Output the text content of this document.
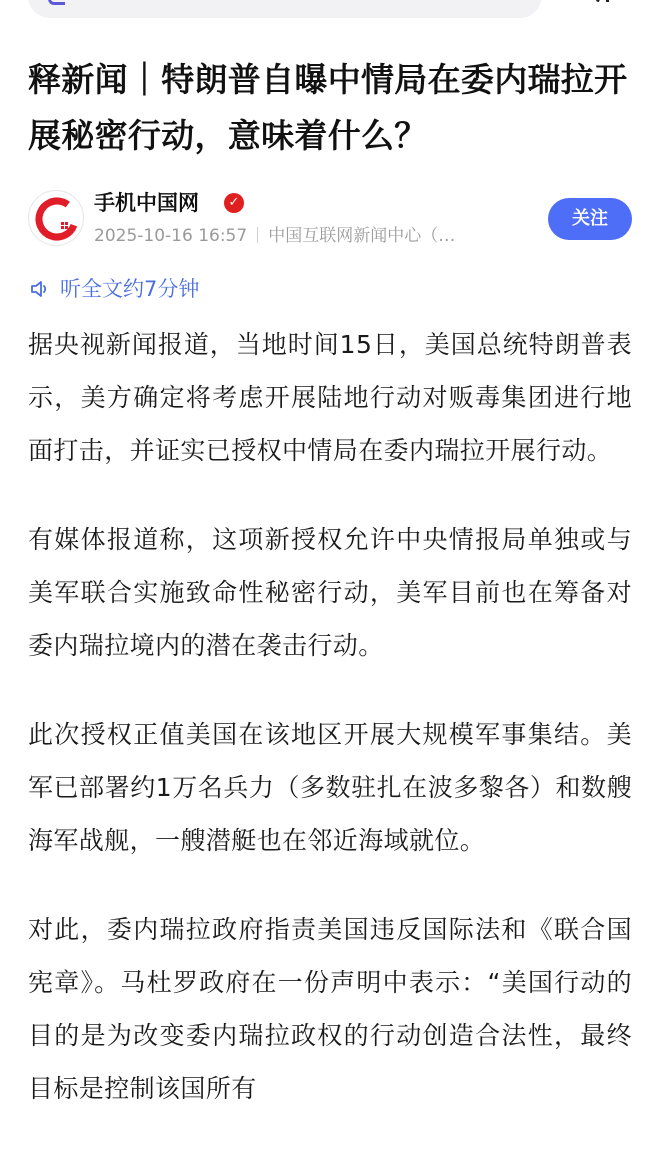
释新闻｜特朗普自曝中情局在委内瑞拉开展秘密行动，意味着什么？
手机中国网	✓
2025-10-16 16:57 中国互联网新闻中心（…
关注
听全文约7分钟

据央视新闻报道，当地时间15日，美国总统特朗普表示，美方确定将考虑开展陆地行动对贩毒集团进行地面打击，并证实已授权中情局在委内瑞拉开展行动。

有媒体报道称，这项新授权允许中央情报局单独或与美军联合实施致命性秘密行动，美军目前也在筹备对委内瑞拉境内的潜在袭击行动。

此次授权正值美国在该地区开展大规模军事集结。美军已部署约1万名兵力（多数驻扎在波多黎各）和数艘海军战舰，一艘潜艇也在邻近海域就位。

对此，委内瑞拉政府指责美国违反国际法和《联合国宪章》。马杜罗政府在一份声明中表示：“美国行动的目的是为改变委内瑞拉政权的行动创造合法性，最终目标是控制该国所有
